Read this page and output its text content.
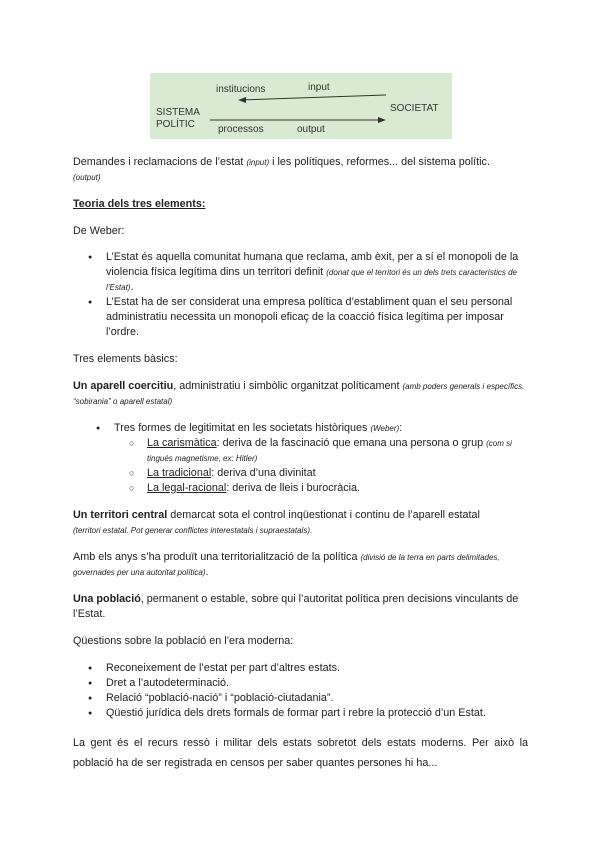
institucions	input
SISTEMA
POLÍTIC
SOCIETAT
processos	output

Demandes i reclamacions de l’estat (input) i les polítiques, reformes... del sistema polític.
(output)

Teoria dels tres elements:

De Weber:

● L’Estat és aquella comunitat humana que reclama, amb èxit, per a sí el monopoli de la violencia física legítima dins un territori definit (donat que el territori és un dels trets característics de l’Estat).
● L’Estat ha de ser considerat una empresa política d’establiment quan el seu personal administratiu necessita un monopoli eficaç de la coacció física legítima per imposar l’ordre.

Tres elements bàsics:

Un aparell coercitiu, administratiu i simbòlic organitzat políticament (amb poders generals i específics. “sobirania” o aparell estatal)

● Tres formes de legitimitat en les societats històriques (Weber):
○ La carismàtica: deriva de la fascinació que emana una persona o grup (com si tingués magnetisme, ex: Hitler)
○ La tradicional: deriva d’una divinitat
○ La legal-racional: deriva de lleis i burocràcia.

Un territori central demarcat sota el control inqüestionat i continu de l’aparell estatal
(territori estatal. Pot generar conflictes interestatals i supraestatals).

Amb els anys s’ha produït una territorialització de la política (divisió de la terra en parts delimitades, governades per una autoritat política).

Una població, permanent o estable, sobre qui l’autoritat política pren decisions vinculants de l’Estat.

Qüestions sobre la població en l’era moderna:

● Reconeixement de l’estat per part d’altres estats.
● Dret a l’autodeterminació.
● Relació “població-nació” i “població-ciutadania”.
● Qüestió jurídica dels drets formals de formar part i rebre la protecció d’un Estat.

La gent és el recurs ressò i militar dels estats sobretot dels estats moderns. Per això la població ha de ser registrada en censos per saber quantes persones hi ha...
